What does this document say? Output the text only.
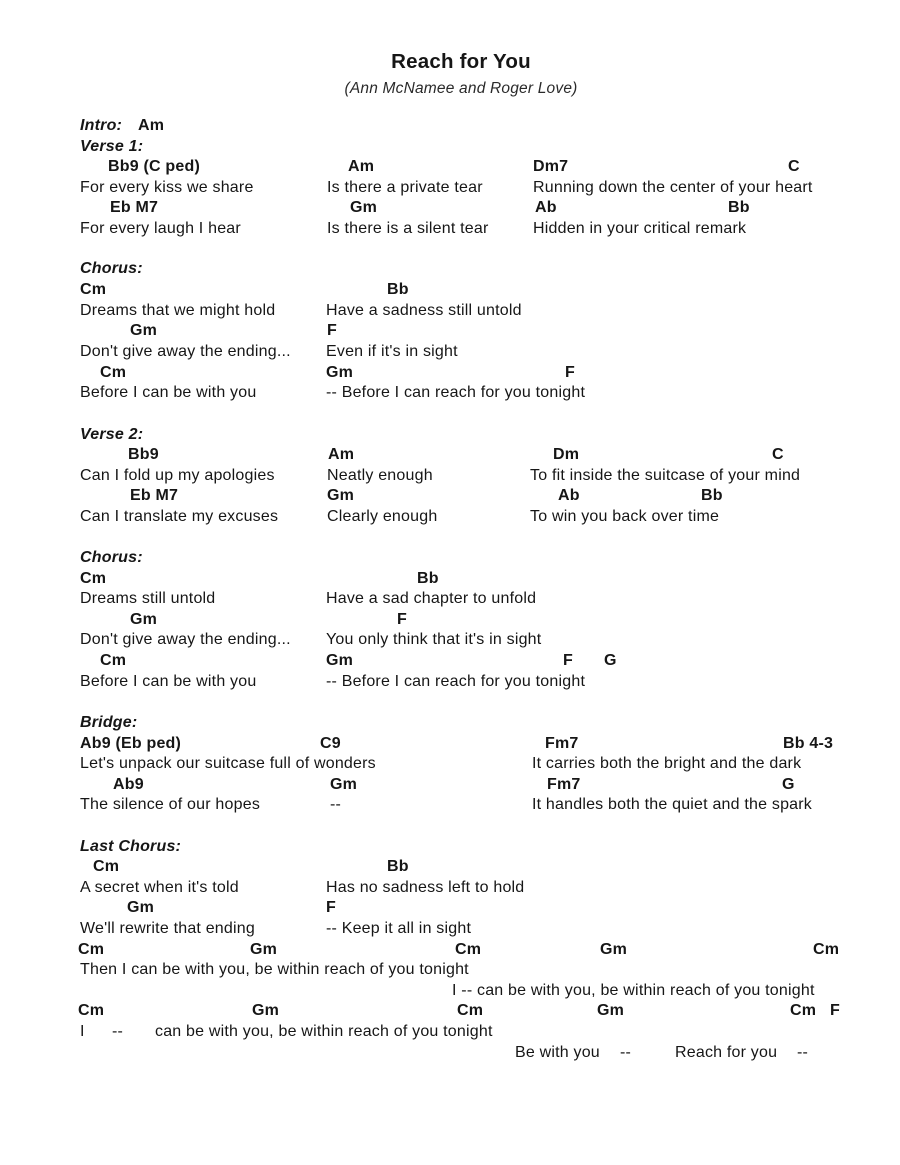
Reach for You
(Ann McNamee and Roger Love)
Intro: Am
Verse 1:
Bb9 (C ped)	Am	Dm7	C
For every kiss we share	Is there a private tear	Running down the center of your heart
Eb M7	Gm	Ab	Bb
For every laugh I hear	Is there is a silent tear	Hidden in your critical remark
Chorus:
Cm	Bb
Dreams that we might hold	Have a sadness still untold
Gm	F
Don't give away the ending... Even if it's in sight
Cm	Gm	F
Before I can be with you	-- Before I can reach for you tonight
Verse 2:
Bb9	Am	Dm	C
Can I fold up my apologies	Neatly enough	To fit inside the suitcase of your mind
Eb M7	Gm	Ab	Bb
Can I translate my excuses	Clearly enough	To win you back over time
Chorus:
Cm	Bb
Dreams still untold	Have a sad chapter to unfold
Gm	F
Don't give away the ending... You only think that it's in sight
Cm	Gm	F G
Before I can be with you	-- Before I can reach for you tonight
Bridge:
Ab9 (Eb ped)	C9	Fm7	Bb 4-3
Let's unpack our suitcase full of wonders	It carries both the bright and the dark
Ab9	Gm	Fm7	G
The silence of our hopes	--	It handles both the quiet and the spark
Last Chorus:
Cm	Bb
A secret when it's told	Has no sadness left to hold
Gm	F
We'll rewrite that ending	-- Keep it all in sight
Cm	Gm	Cm	Gm	Cm
Then I can be with you, be within reach of you tonight
I -- can be with you, be within reach of you tonight
Cm	Gm	Cm	Gm	Cm F
I -- can be with you, be within reach of you tonight
Be with you --	Reach for you --
